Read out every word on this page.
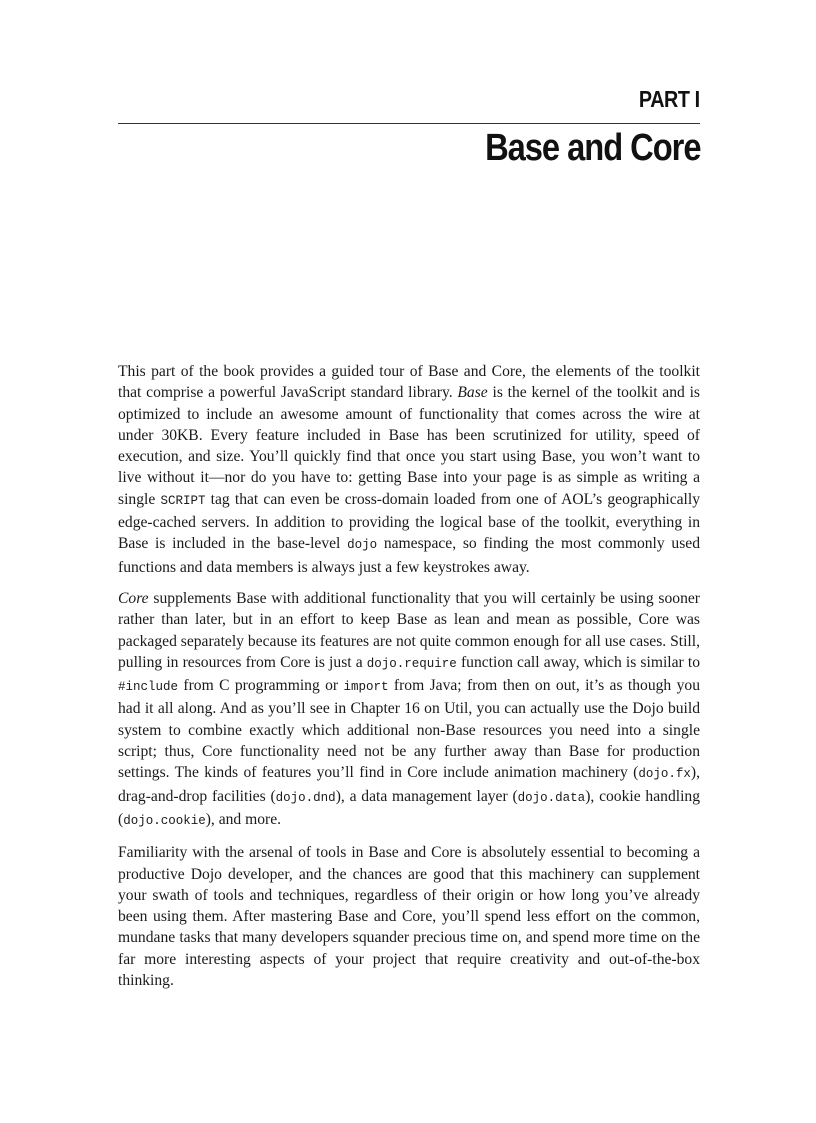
PART I
Base and Core

This part of the book provides a guided tour of Base and Core, the elements of the toolkit that comprise a powerful JavaScript standard library. Base is the kernel of the toolkit and is optimized to include an awesome amount of functionality that comes across the wire at under 30KB. Every feature included in Base has been scrutinized for utility, speed of execution, and size. You’ll quickly find that once you start using Base, you won’t want to live without it—nor do you have to: getting Base into your page is as simple as writing a single SCRIPT tag that can even be cross-domain loaded from one of AOL’s geographically edge-cached servers. In addition to providing the logical base of the toolkit, everything in Base is included in the base-level dojo namespace, so finding the most commonly used functions and data members is always just a few keystrokes away.

Core supplements Base with additional functionality that you will certainly be using sooner rather than later, but in an effort to keep Base as lean and mean as possible, Core was packaged separately because its features are not quite common enough for all use cases. Still, pulling in resources from Core is just a dojo.require function call away, which is similar to #include from C programming or import from Java; from then on out, it’s as though you had it all along. And as you’ll see in Chapter 16 on Util, you can actually use the Dojo build system to combine exactly which additional non-Base resources you need into a single script; thus, Core functionality need not be any further away than Base for production settings. The kinds of features you’ll find in Core include animation machinery (dojo.fx), drag-and-drop facilities (dojo.dnd), a data management layer (dojo.data), cookie handling (dojo.cookie), and more.

Familiarity with the arsenal of tools in Base and Core is absolutely essential to becoming a productive Dojo developer, and the chances are good that this machinery can supplement your swath of tools and techniques, regardless of their origin or how long you’ve already been using them. After mastering Base and Core, you’ll spend less effort on the common, mundane tasks that many developers squander precious time on, and spend more time on the far more interesting aspects of your project that require creativity and out-of-the-box thinking.
